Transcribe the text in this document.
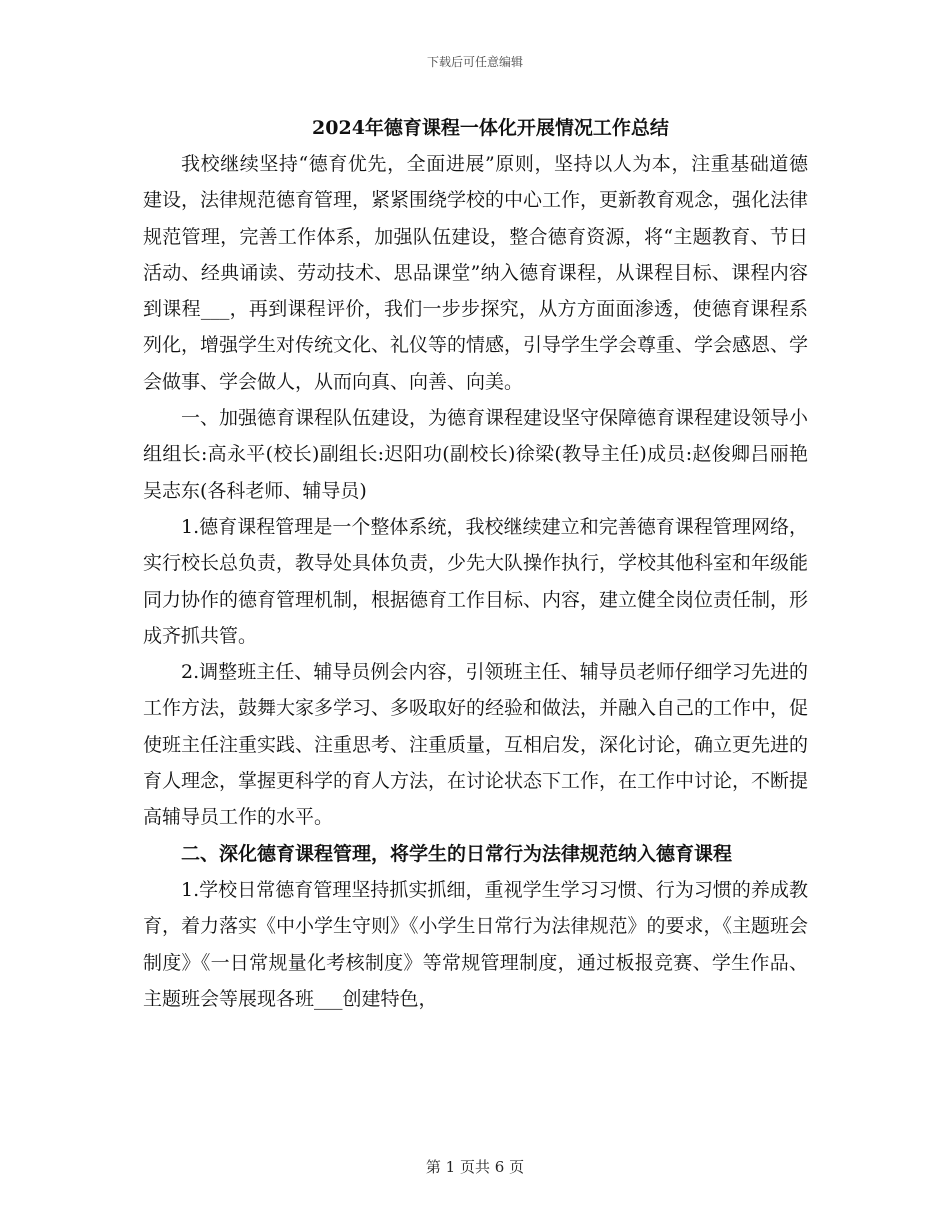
下载后可任意编辑
2024年德育课程一体化开展情况工作总结

我校继续坚持“德育优先，全面进展”原则，坚持以人为本，注重基础道德建设，法律规范德育管理，紧紧围绕学校的中心工作，更新教育观念，强化法律规范管理，完善工作体系，加强队伍建设，整合德育资源，将“主题教育、节日活动、经典诵读、劳动技术、思品课堂”纳入德育课程，从课程目标、课程内容到课程___，再到课程评价，我们一步步探究，从方方面面渗透，使德育课程系列化，增强学生对传统文化、礼仪等的情感，引导学生学会尊重、学会感恩、学会做事、学会做人，从而向真、向善、向美。

一、加强德育课程队伍建设，为德育课程建设坚守保障德育课程建设领导小组组长:高永平(校长)副组长:迟阳功(副校长)徐梁(教导主任)成员:赵俊卿吕丽艳吴志东(各科老师、辅导员)

1.德育课程管理是一个整体系统，我校继续建立和完善德育课程管理网络，实行校长总负责，教导处具体负责，少先大队操作执行，学校其他科室和年级能同力协作的德育管理机制，根据德育工作目标、内容，建立健全岗位责任制，形成齐抓共管。

2.调整班主任、辅导员例会内容，引领班主任、辅导员老师仔细学习先进的工作方法，鼓舞大家多学习、多吸取好的经验和做法，并融入自己的工作中，促使班主任注重实践、注重思考、注重质量，互相启发，深化讨论，确立更先进的育人理念，掌握更科学的育人方法，在讨论状态下工作，在工作中讨论，不断提高辅导员工作的水平。

二、深化德育课程管理，将学生的日常行为法律规范纳入德育课程

1.学校日常德育管理坚持抓实抓细，重视学生学习习惯、行为习惯的养成教育，着力落实《中小学生守则》《小学生日常行为法律规范》的要求，《主题班会制度》《一日常规量化考核制度》等常规管理制度，通过板报竞赛、学生作品、主题班会等展现各班___创建特色，

第 1 页共 6 页
